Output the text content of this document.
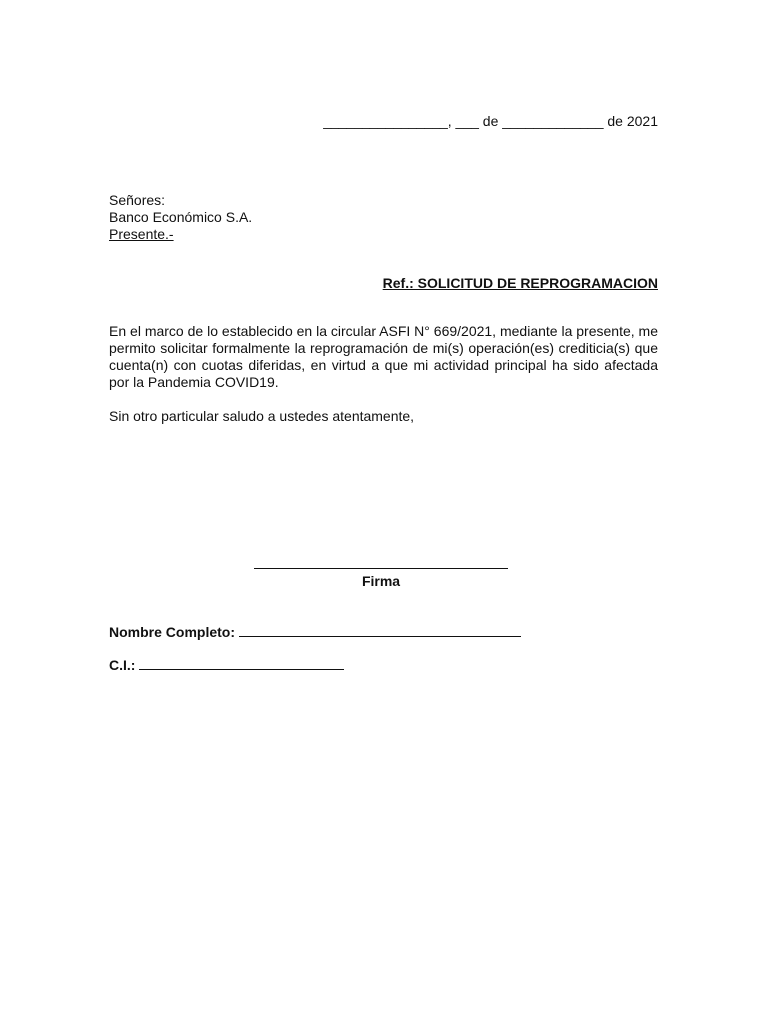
________________, ___ de _____________ de 2021
Señores:
Banco Económico S.A.
Presente.-
Ref.: SOLICITUD DE REPROGRAMACION
En el marco de lo establecido en la circular ASFI N° 669/2021, mediante la presente, me permito solicitar formalmente la reprogramación de mi(s) operación(es) crediticia(s) que cuenta(n) con cuotas diferidas, en virtud a que mi actividad principal ha sido afectada por la Pandemia COVID19.
Sin otro particular saludo a ustedes atentamente,
Firma
Nombre Completo:
C.I.:
